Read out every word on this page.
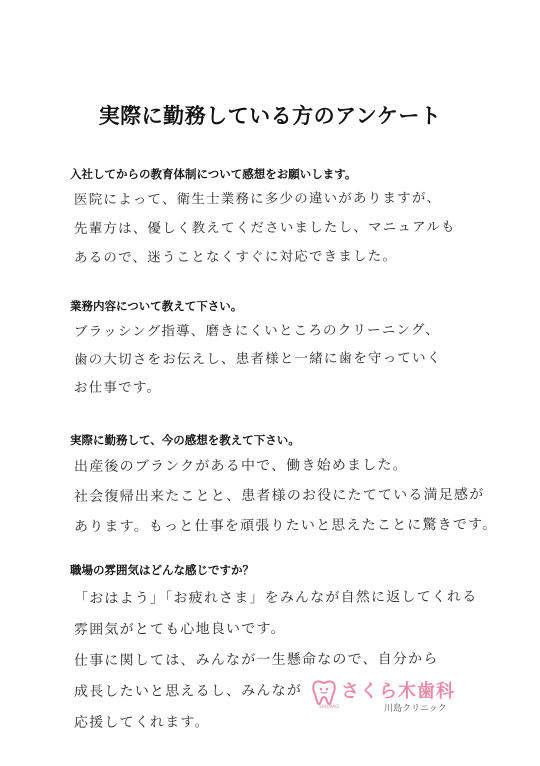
実際に勤務している方のアンケート
入社してからの教育体制について感想をお願いします。
医院によって、衛生士業務に多少の違いがありますが、
先輩方は、優しく教えてくださいましたし、マニュアルも
あるので、迷うことなくすぐに対応できました。
業務内容について教えて下さい。
ブラッシング指導、磨きにくいところのクリーニング、
歯の大切さをお伝えし、患者様と一緒に歯を守っていく
お仕事です。
実際に勤務して、今の感想を教えて下さい。
出産後のブランクがある中で、働き始めました。
社会復帰出来たことと、患者様のお役にたてている満足感が
あります。もっと仕事を頑張りたいと思えたことに驚きです。
職場の雰囲気はどんな感じですか？
「おはよう」「お疲れさま」をみんなが自然に返してくれる
雰囲気がとても心地良いです。
仕事に関しては、みんなが一生懸命なので、自分から
成長したいと思えるし、みんなが
応援してくれます。
SAKURAGI
さくら木歯科
川島クリニック
